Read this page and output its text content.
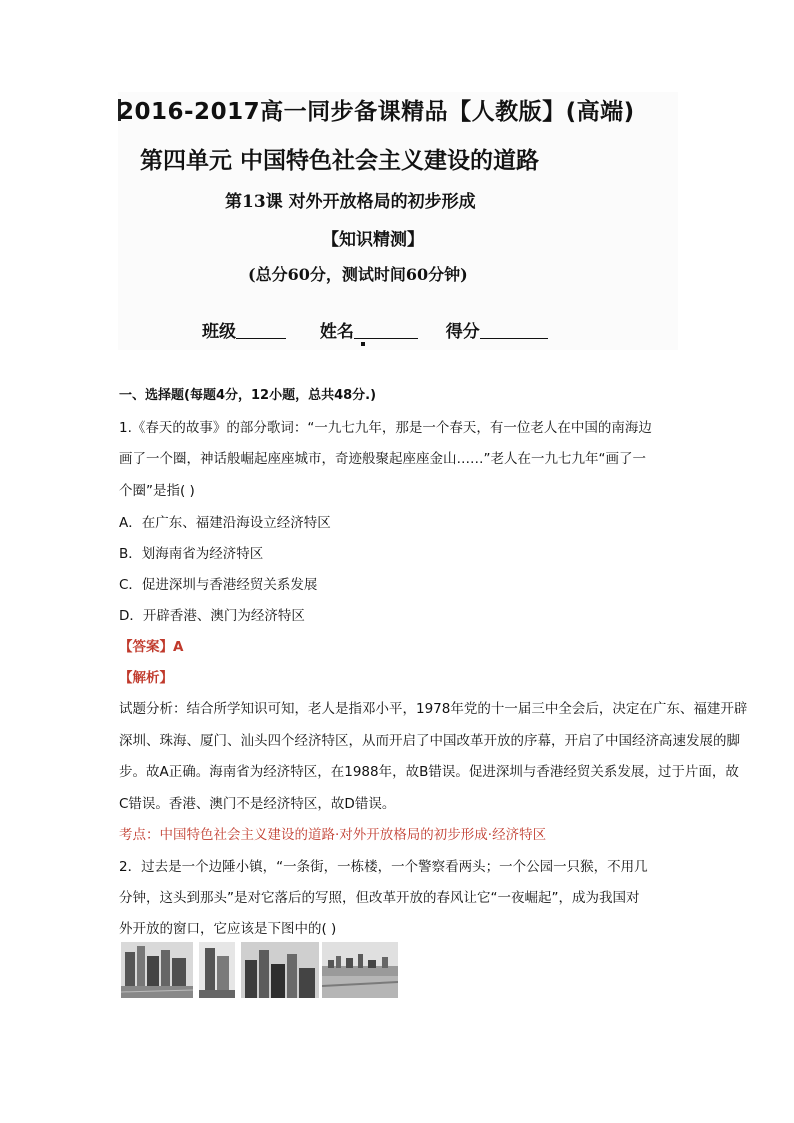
2016-2017高一同步备课精品【人教版】(高端)
第四单元 中国特色社会主义建设的道路
第13课 对外开放格局的初步形成
【知识精测】
(总分60分，测试时间60分钟)
班级	姓名	得分
一、选择题(每题4分，12小题，总共48分.)
1.《春天的故事》的部分歌词：“一九七九年，那是一个春天，有一位老人在中国的南海边
画了一个圈，神话般崛起座座城市，奇迹般聚起座座金山……”老人在一九七九年“画了一
个圈”是指( )
A．在广东、福建沿海设立经济特区
B．划海南省为经济特区
C．促进深圳与香港经贸关系发展
D．开辟香港、澳门为经济特区
【答案】A
【解析】
试题分析：结合所学知识可知，老人是指邓小平，1978年党的十一届三中全会后，决定在广东、福建开辟
深圳、珠海、厦门、汕头四个经济特区，从而开启了中国改革开放的序幕，开启了中国经济高速发展的脚
步。故A正确。海南省为经济特区，在1988年，故B错误。促进深圳与香港经贸关系发展，过于片面，故
C错误。香港、澳门不是经济特区，故D错误。
考点：中国特色社会主义建设的道路·对外开放格局的初步形成·经济特区
2．过去是一个边陲小镇，“一条街，一栋楼，一个警察看两头；一个公园一只猴，不用几
分钟，这头到那头”是对它落后的写照，但改革开放的春风让它“一夜崛起”，成为我国对
外开放的窗口，它应该是下图中的( )
